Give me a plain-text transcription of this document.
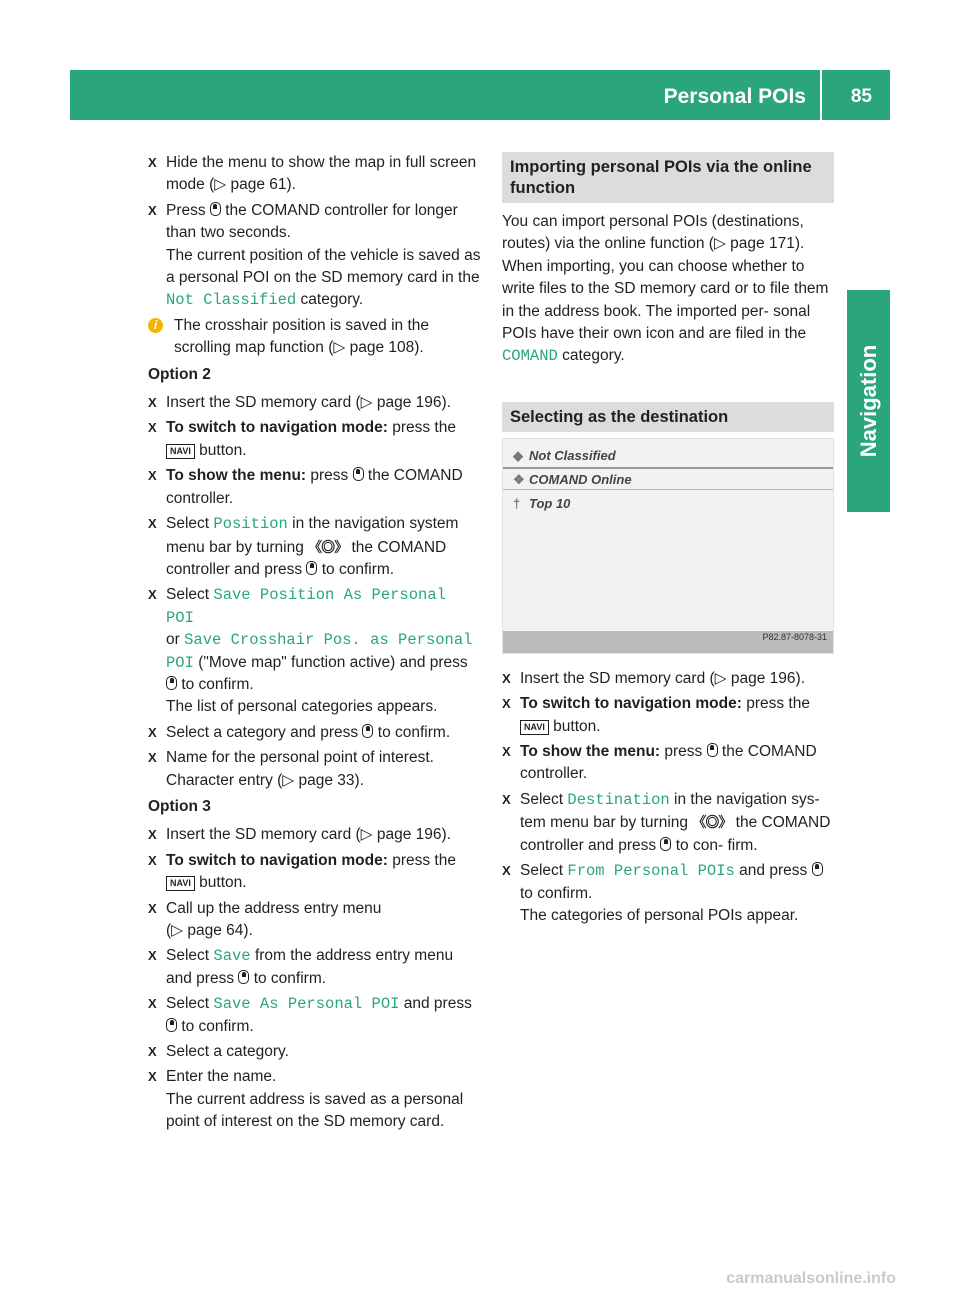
Personal POIs	85
Navigation
X Hide the menu to show the map in full screen mode (▷ page 61).
X Press the COMAND controller for longer than two seconds.
The current position of the vehicle is saved as a personal POI on the SD memory card in the Not Classified category.
i	The crosshair position is saved in the scrolling map function (▷ page 108).
Option 2
X Insert the SD memory card (▷ page 196).
X To switch to navigation mode: press the
NAVI button.
X To show the menu: press the COMAND controller.
X Select Position in the navigation system menu bar by turning 《◎》 the COMAND controller and press to confirm.
X Select Save Position As Personal POI
or Save Crosshair Pos. as Personal
POI ("Move map" function active) and press  to confirm.
The list of personal categories appears.
X Select a category and press to confirm.
X Name for the personal point of interest.
Character entry (▷ page 33).
Option 3
X Insert the SD memory card (▷ page 196).
X To switch to navigation mode: press the
NAVI button.
X Call up the address entry menu
(▷ page 64).
X Select Save from the address entry menu and press to confirm.
X Select Save As Personal POI and press
to confirm.
X Select a category.
X Enter the name.
The current address is saved as a personal point of interest on the SD memory card.
Importing personal POIs via the online function
You can import personal POIs (destinations, routes) via the online function (▷ page 171). When importing, you can choose whether to write files to the SD memory card or to file them in the address book. The imported per- sonal POIs have their own icon and are filed in the COMAND category.
Selecting as the destination
◆ Not Classified
❖ COMAND Online
† Top 10
P82.87-8078-31
X Insert the SD memory card (▷ page 196).
X To switch to navigation mode: press the
NAVI button.
X To show the menu: press the COMAND controller.
X Select Destination in the navigation sys- tem menu bar by turning 《◎》 the COMAND controller and press to con- firm.
X Select From Personal POIs and press
to confirm.
The categories of personal POIs appear.
carmanualsonline.info
